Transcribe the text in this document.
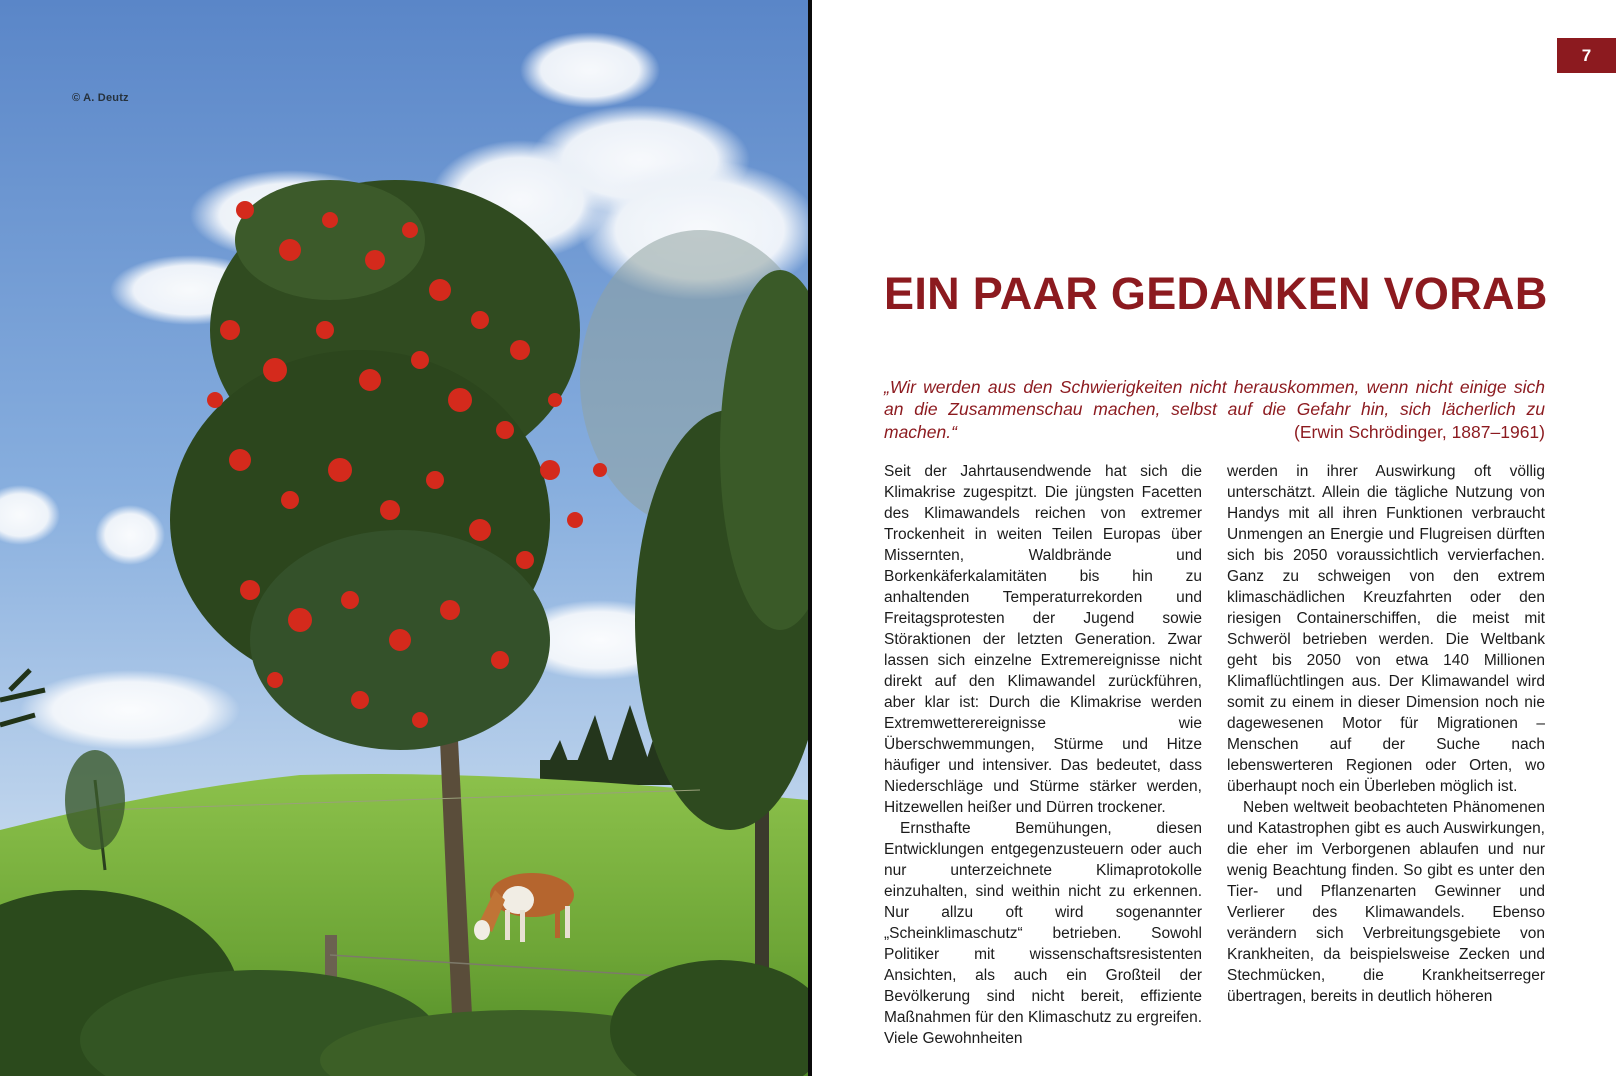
© A. Deutz
7
EIN PAAR GEDANKEN VORAB

„Wir werden aus den Schwierigkeiten nicht herauskommen, wenn nicht einige sich an die Zusammenschau machen, selbst auf die Gefahr hin, sich lächerlich zu machen.“	(Erwin Schrödinger, 1887–1961)

Seit der Jahrtausendwende hat sich die Klimakrise zugespitzt. Die jüngsten Facetten des Klimawandels reichen von extremer Trockenheit in weiten Teilen Europas über Missernten, Waldbrände und Borkenkäferkalamitäten bis hin zu anhaltenden Temperaturrekorden und Freitagsprotesten der Jugend sowie Störaktionen der letzten Generation. Zwar lassen sich einzelne Extremereignisse nicht direkt auf den Klimawandel zurückführen, aber klar ist: Durch die Klimakrise werden Extremwetterereignisse wie Überschwemmungen, Stürme und Hitze häufiger und intensiver. Das bedeutet, dass Niederschläge und Stürme stärker werden, Hitzewellen heißer und Dürren trockener.

Ernsthafte Bemühungen, diesen Entwicklungen entgegenzusteuern oder auch nur unterzeichnete Klimaprotokolle einzuhalten, sind weithin nicht zu erkennen. Nur allzu oft wird sogenannter „Scheinklimaschutz“ betrieben. Sowohl Politiker mit wissenschaftsresistenten Ansichten, als auch ein Großteil der Bevölkerung sind nicht bereit, effiziente Maßnahmen für den Klimaschutz zu ergreifen. Viele Gewohnheiten

werden in ihrer Auswirkung oft völlig unterschätzt. Allein die tägliche Nutzung von Handys mit all ihren Funktionen verbraucht Unmengen an Energie und Flugreisen dürften sich bis 2050 voraussichtlich vervierfachen. Ganz zu schweigen von den extrem klimaschädlichen Kreuzfahrten oder den riesigen Containerschiffen, die meist mit Schweröl betrieben werden. Die Weltbank geht bis 2050 von etwa 140 Millionen Klimaflüchtlingen aus. Der Klimawandel wird somit zu einem in dieser Dimension noch nie dagewesenen Motor für Migrationen – Menschen auf der Suche nach lebenswerteren Regionen oder Orten, wo überhaupt noch ein Überleben möglich ist.

Neben weltweit beobachteten Phänomenen und Katastrophen gibt es auch Auswirkungen, die eher im Verborgenen ablaufen und nur wenig Beachtung finden. So gibt es unter den Tier- und Pflanzenarten Gewinner und Verlierer des Klimawandels. Ebenso verändern sich Verbreitungsgebiete von Krankheiten, da beispielsweise Zecken und Stechmücken, die Krankheitserreger übertragen, bereits in deutlich höheren
